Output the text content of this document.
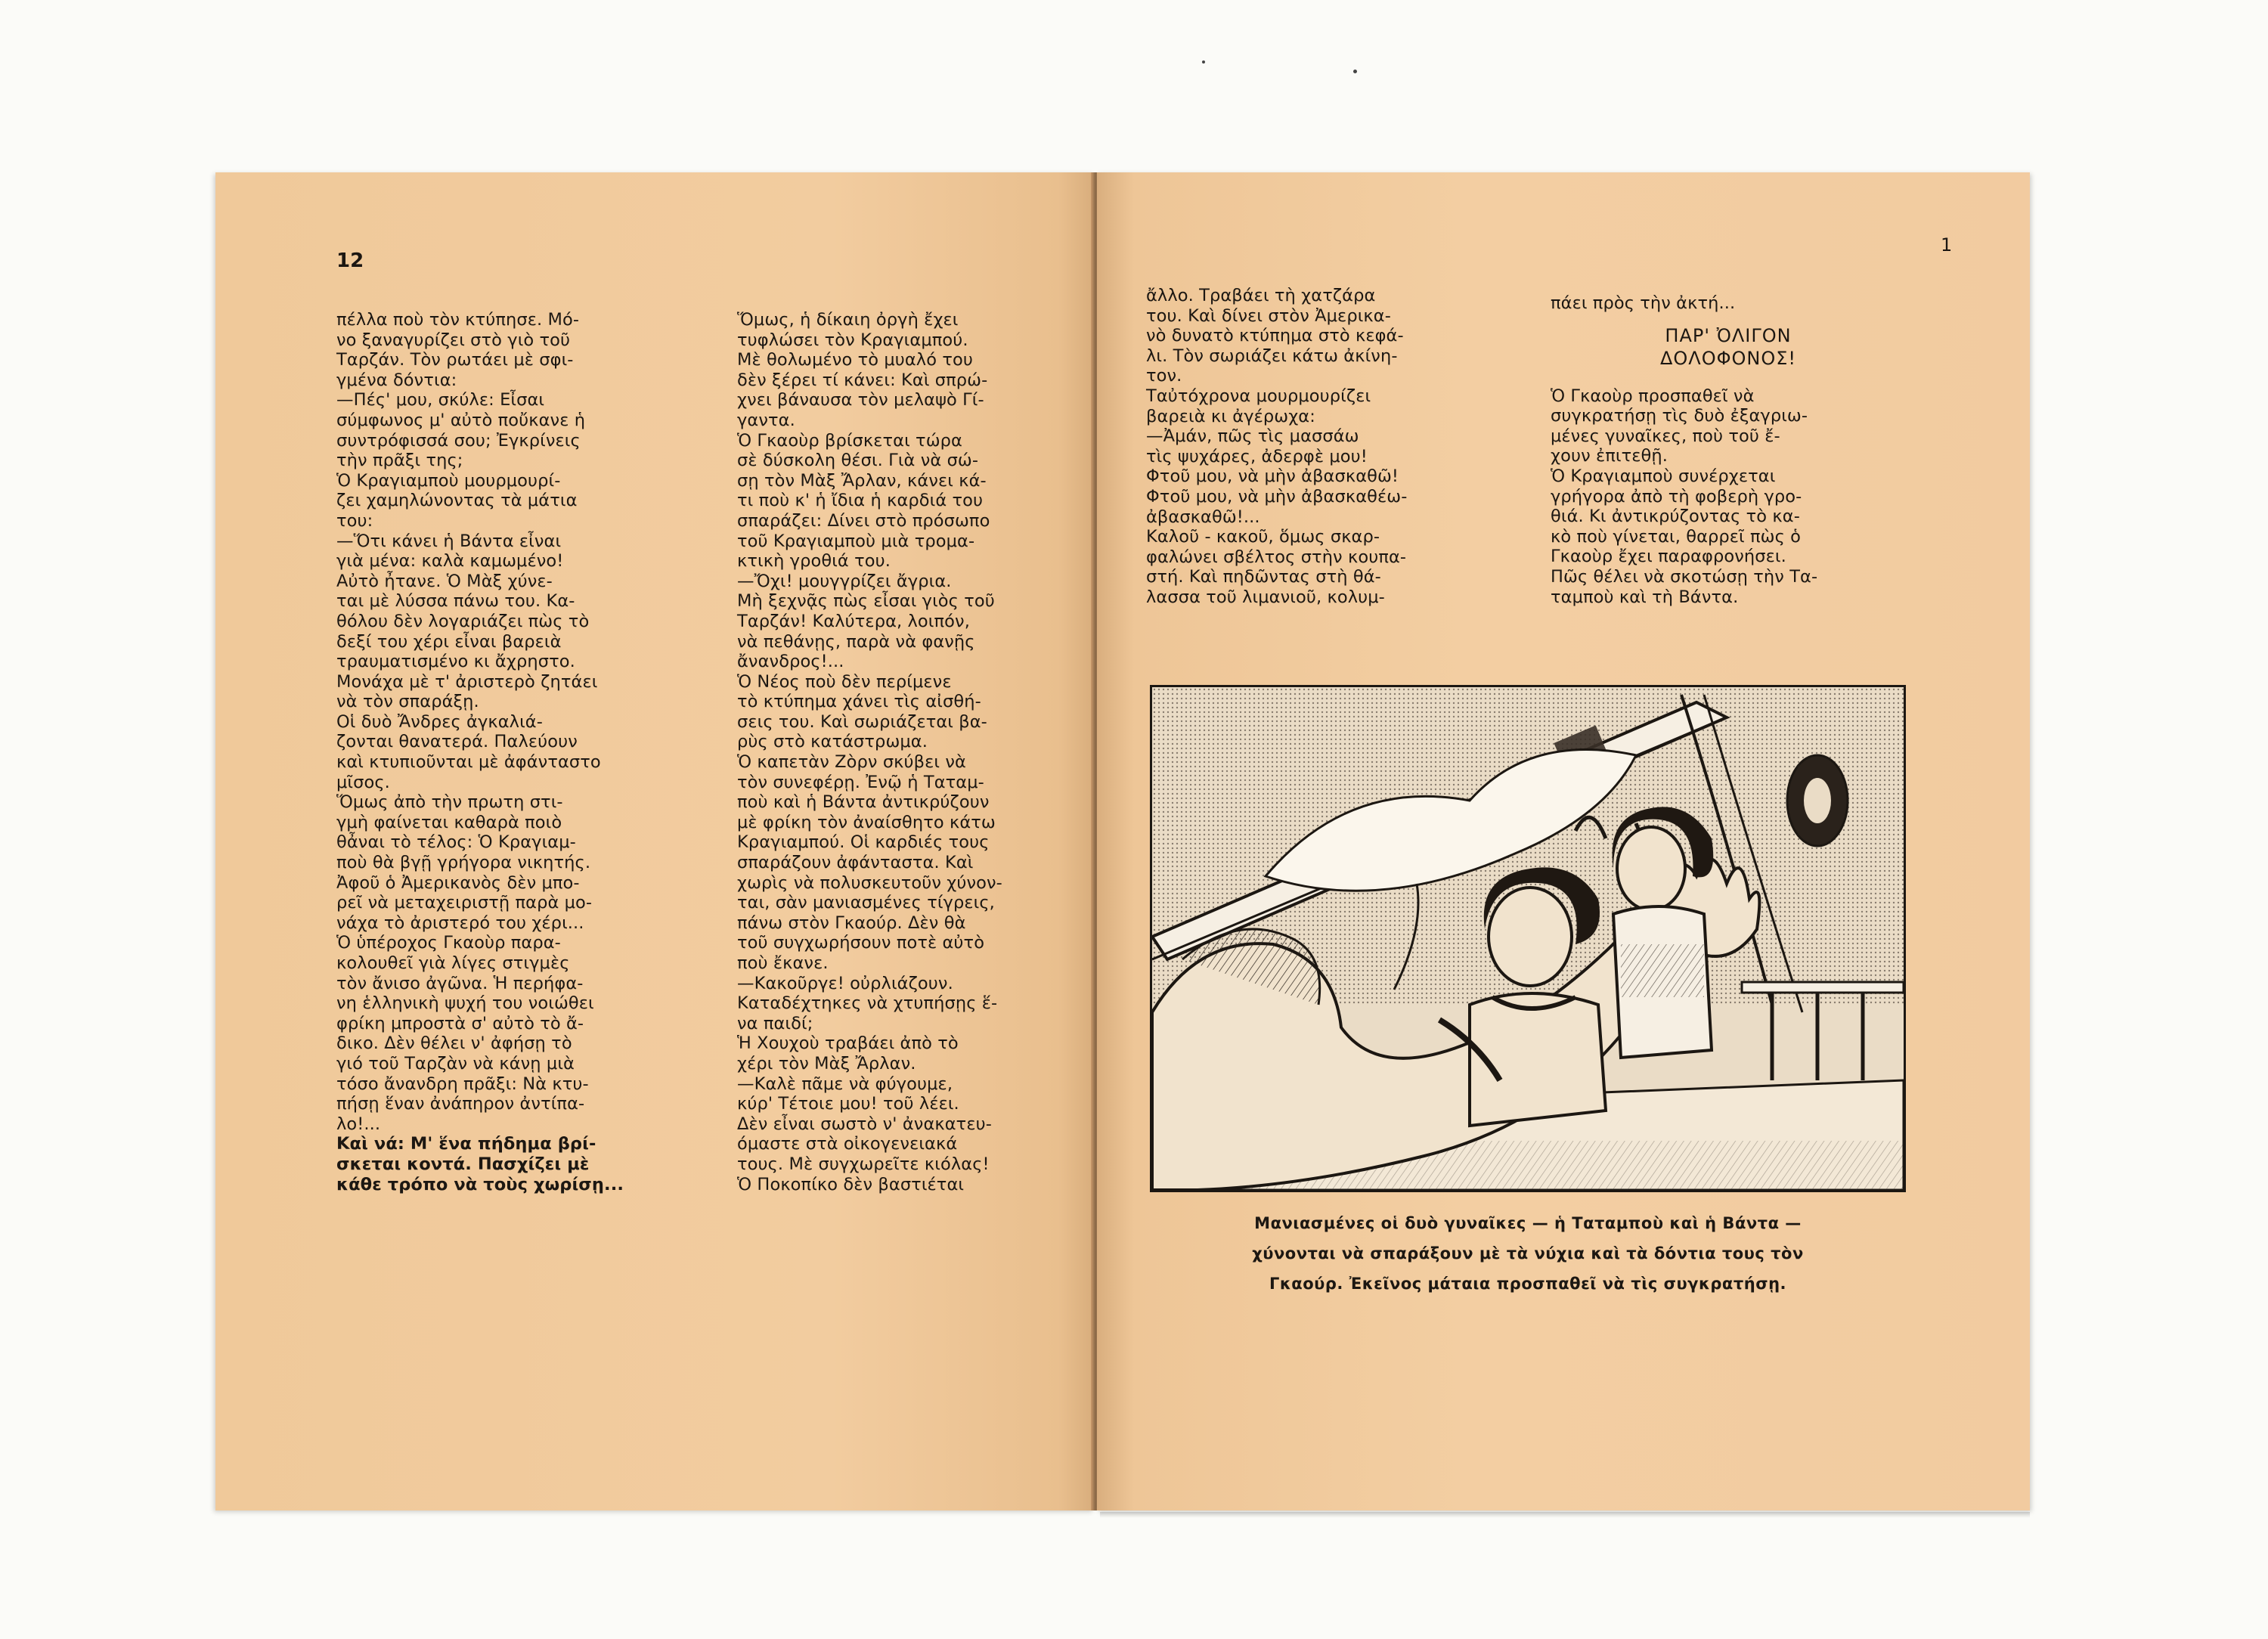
12

πέλλα ποὺ τὸν κτύπησε. Μό-
νο ξαναγυρίζει στὸ γιὸ τοῦ
Ταρζάν. Τὸν ρωτάει μὲ σφι-
γμένα δόντια:

—Πές' μου, σκύλε: Εἶσαι
σύμφωνος μ' αὐτὸ ποὔκανε ἡ
συντρόφισσά σου; Ἐγκρίνεις
τὴν πρᾶξι της;

Ὁ Κραγιαμποὺ μουρμουρί-
ζει χαμηλώνοντας τὰ μάτια
του:

—Ὅτι κάνει ἡ Βάντα εἶναι
γιὰ μένα: καλὰ καμωμένο!

Αὐτὸ ἦτανε. Ὁ Μὰξ χύνε-
ται μὲ λύσσα πάνω του. Κα-
θόλου δὲν λογαριάζει πὼς τὸ
δεξί του χέρι εἶναι βαρειὰ
τραυματισμένο κι ἄχρηστο.
Μονάχα μὲ τ' ἀριστερὸ ζητάει
νὰ τὸν σπαράξῃ.

Οἱ δυὸ Ἄνδρες ἀγκαλιά-
ζονται θανατερά. Παλεύουν
καὶ κτυπιοῦνται μὲ ἀφάνταστο
μῖσος.

Ὅμως ἀπὸ τὴν πρωτη στι-
γμὴ φαίνεται καθαρὰ ποιὸ
θἆναι τὸ τέλος: Ὁ Κραγιαμ-
ποὺ θὰ βγῇ γρήγορα νικητής.
Ἀφοῦ ὁ Ἀμερικανὸς δὲν μπο-
ρεῖ νὰ μεταχειριστῇ παρὰ μο-
νάχα τὸ ἀριστερό του χέρι...

Ὁ ὑπέροχος Γκαοὺρ παρα-
κολουθεῖ γιὰ λίγες στιγμὲς
τὸν ἄνισο ἀγῶνα. Ἡ περήφα-
νη ἑλληνικὴ ψυχή του νοιώθει
φρίκη μπροστὰ σ' αὐτὸ τὸ ἄ-
δικο. Δὲν θέλει ν' ἀφήσῃ τὸ
γιό τοῦ Ταρζὰν νὰ κάνῃ μιὰ
τόσο ἄνανδρη πρᾶξι: Νὰ κτυ-
πήσῃ ἕναν ἀνάπηρον ἀντίπα-
λο!...

Καὶ νά: Μ' ἕνα πήδημα βρί-
σκεται κοντά. Πασχίζει μὲ
κάθε τρόπο νὰ τοὺς χωρίσῃ...

Ὅμως, ἡ δίκαιη ὀργὴ ἔχει
τυφλώσει τὸν Κραγιαμπού.
Μὲ θολωμένο τὸ μυαλό του
δὲν ξέρει τί κάνει: Καὶ σπρώ-
χνει βάναυσα τὸν μελαψὸ Γί-
γαντα.

Ὁ Γκαοὺρ βρίσκεται τώρα
σὲ δύσκολη θέσι. Γιὰ νὰ σώ-
σῃ τὸν Μὰξ Ἄρλαν, κάνει κά-
τι ποὺ κ' ἡ ἴδια ἡ καρδιά του
σπαράζει: Δίνει στὸ πρόσωπο
τοῦ Κραγιαμποὺ μιὰ τρομα-
κτικὴ γροθιά του.

—Ὄχι! μουγγρίζει ἄγρια.
Μὴ ξεχνᾷς πὼς εἶσαι γιὸς τοῦ
Ταρζάν! Καλύτερα, λοιπόν,
νὰ πεθάνῃς, παρὰ νὰ φανῇς
ἄνανδρος!...

Ὁ Νέος ποὺ δὲν περίμενε
τὸ κτύπημα χάνει τὶς αἰσθή-
σεις του. Καὶ σωριάζεται βα-
ρὺς στὸ κατάστρωμα.

Ὁ καπετὰν Ζὸρν σκύβει νὰ
τὸν συνεφέρῃ. Ἐνῷ ἡ Ταταμ-
ποὺ καὶ ἡ Βάντα ἀντικρύζουν
μὲ φρίκη τὸν ἀναίσθητο κάτω
Κραγιαμπού. Οἱ καρδιές τους
σπαράζουν ἀφάνταστα. Καὶ
χωρὶς νὰ πολυσκευτοῦν χύνον-
ται, σὰν μανιασμένες τίγρεις,
πάνω στὸν Γκαούρ. Δὲν θὰ
τοῦ συγχωρήσουν ποτὲ αὐτὸ
ποὺ ἔκανε.

—Κακοῦργε! οὐρλιάζουν.
Καταδέχτηκες νὰ χτυπήσῃς ἕ-
να παιδί;

Ἡ Χουχοὺ τραβάει ἀπὸ τὸ
χέρι τὸν Μὰξ Ἄρλαν.

—Καλὲ πᾶμε νὰ φύγουμε,
κύρ' Τέτοιε μου! τοῦ λέει.
Δὲν εἶναι σωστὸ ν' ἀνακατευ-
όμαστε στὰ οἰκογενειακά
τους. Μὲ συγχωρεῖτε κιόλας!

Ὁ Ποκοπίκο δὲν βαστιέται

1

ἄλλο. Τραβάει τὴ χατζάρα
του. Καὶ δίνει στὸν Ἀμερικα-
νὸ δυνατὸ κτύπημα στὸ κεφά-
λι. Τὸν σωριάζει κάτω ἀκίνη-
τον.

Ταὐτόχρονα μουρμουρίζει
βαρειὰ κι ἀγέρωχα:

—Ἀμάν, πῶς τὶς μασσάω
τὶς ψυχάρες, ἀδερφὲ μου!
Φτοῦ μου, νὰ μὴν ἀβασκαθῶ!
Φτοῦ μου, νὰ μὴν ἀβασκαθέω-
ἀβασκαθῶ!...

Καλοῦ - κακοῦ, ὅμως σκαρ-
φαλώνει σβέλτος στὴν κουπα-
στή. Καὶ πηδῶντας στὴ θά-
λασσα τοῦ λιμανιοῦ, κολυμ-

πάει πρὸς τὴν ἀκτή...

ΠΑΡ' ὈΛΙΓΟΝ
ΔΟΛΟΦΟΝΟΣ!

Ὁ Γκαοὺρ προσπαθεῖ νὰ
συγκρατήσῃ τὶς δυὸ ἐξαγριω-
μένες γυναῖκες, ποὺ τοῦ ἔ-
χουν ἐπιτεθῇ.

Ὁ Κραγιαμποὺ συνέρχεται
γρήγορα ἀπὸ τὴ φοβερὴ γρο-
θιά. Κι ἀντικρύζοντας τὸ κα-
κὸ ποὺ γίνεται, θαρρεῖ πὼς ὁ
Γκαοὺρ ἔχει παραφρονήσει.
Πῶς θέλει νὰ σκοτώσῃ τὴν Τα-
ταμποὺ καὶ τὴ Βάντα.

Μανιασμένες οἱ δυὸ γυναῖκες — ἡ Ταταμποὺ καὶ ἡ Βάντα —
χύνονται νὰ σπαράξουν μὲ τὰ νύχια καὶ τὰ δόντια τους τὸν
Γκαούρ. Ἐκεῖνος μάταια προσπαθεῖ νὰ τὶς συγκρατήσῃ.
